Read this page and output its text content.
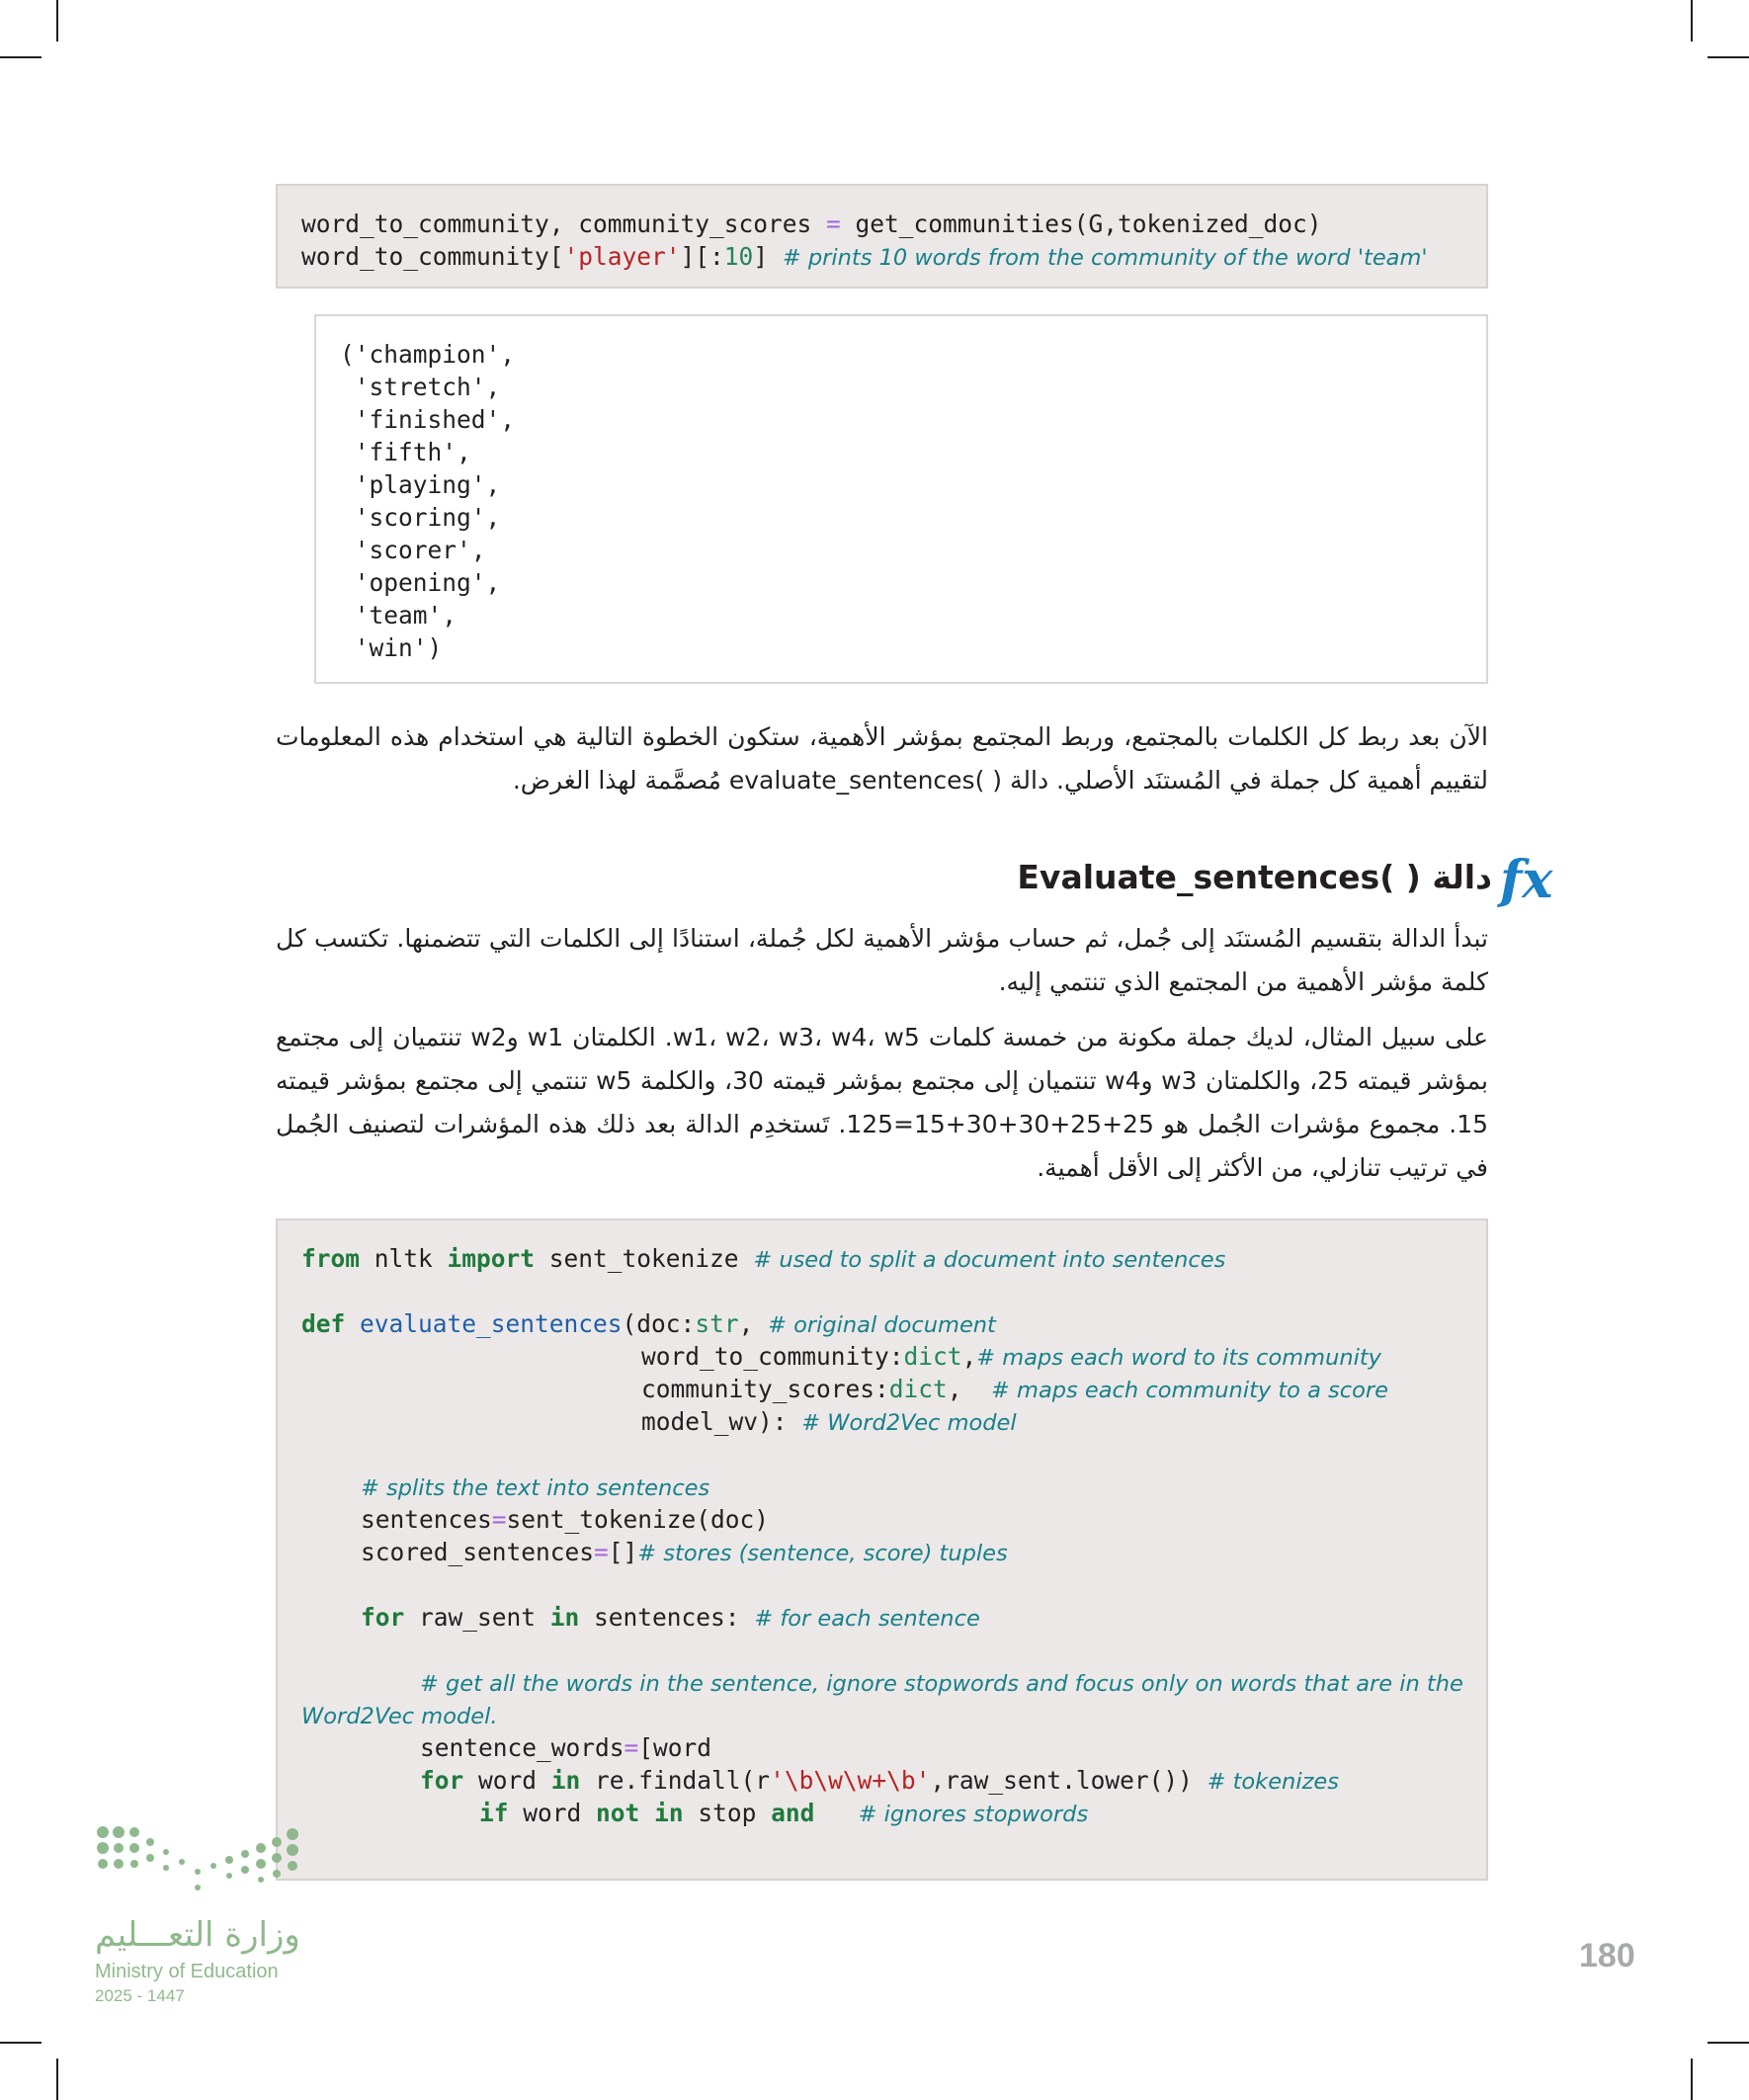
word_to_community, community_scores = get_communities(G,tokenized_doc)

word_to_community['player'][:10] # prints 10 words from the community of the word 'team'

('champion',
'stretch',
'finished',
'fifth',
'playing',
'scoring',
'scorer',
'opening',
'team',
'win')

الآن بعد ربط كل الكلمات بالمجتمع، وربط المجتمع بمؤشر الأهمية، ستكون الخطوة التالية هي استخدام هذه المعلومات لتقييم أهمية كل جملة في المُستنَد الأصلي. دالة ( )evaluate_sentences مُصمَّمة لهذا الغرض.
fx
دالة ( )Evaluate_sentences
تبدأ الدالة بتقسيم المُستنَد إلى جُمل، ثم حساب مؤشر الأهمية لكل جُملة، استنادًا إلى الكلمات التي تتضمنها. تكتسب كل كلمة مؤشر الأهمية من المجتمع الذي تنتمي إليه.
على سبيل المثال، لديك جملة مكونة من خمسة كلمات w1، w2، w3، w4، w5. الكلمتان w1 وw2 تنتميان إلى مجتمع بمؤشر قيمته 25، والكلمتان w3 وw4 تنتميان إلى مجتمع بمؤشر قيمته 30، والكلمة w5 تنتمي إلى مجتمع بمؤشر قيمته 15. مجموع مؤشرات الجُمل هو 25+25+30+30+15=125. تَستخدِم الدالة بعد ذلك هذه المؤشرات لتصنيف الجُمل في ترتيب تنازلي، من الأكثر إلى الأقل أهمية.

from nltk import sent_tokenize # used to split a document into sentences

def evaluate_sentences(doc:str, # original document

word_to_community:dict,# maps each word to its community

community_scores:dict,  # maps each community to a score

model_wv): # Word2Vec model

# splits the text into sentences

sentences=sent_tokenize(doc)

scored_sentences=[]# stores (sentence, score) tuples

for raw_sent in sentences: # for each sentence

# get all the words in the sentence, ignore stopwords and focus only on words that are in the

Word2Vec model.

sentence_words=[word

for word in re.findall(r'\b\w\w+\b',raw_sent.lower()) # tokenizes

if word not in stop and # ignores stopwords

وزارة التعـــليم
Ministry of Education
2025 - 1447
180
